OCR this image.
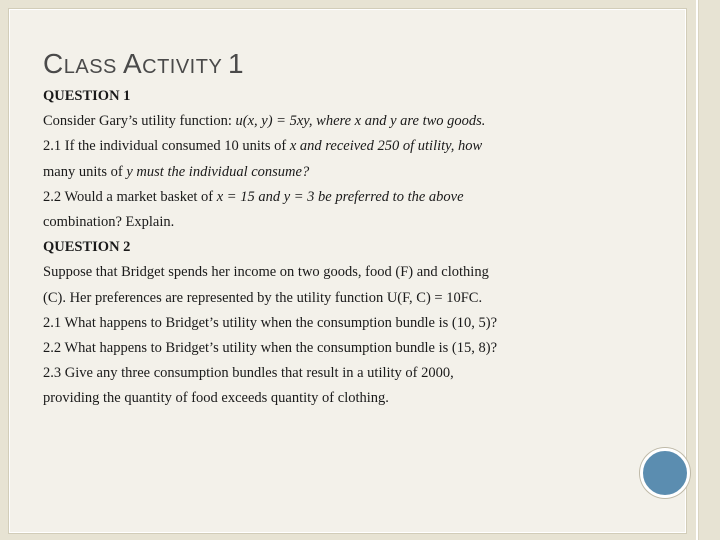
CLASS ACTIVITY 1
QUESTION 1
Consider Gary’s utility function: u(x, y) = 5xy, where x and y are two goods.
2.1 If the individual consumed 10 units of x and received 250 of utility, how
many units of y must the individual consume?
2.2 Would a market basket of x = 15 and y = 3 be preferred to the above
combination? Explain.
QUESTION 2
Suppose that Bridget spends her income on two goods, food (F) and clothing
(C). Her preferences are represented by the utility function U(F, C) = 10FC.
2.1 What happens to Bridget’s utility when the consumption bundle is (10, 5)?
2.2 What happens to Bridget’s utility when the consumption bundle is (15, 8)?
2.3 Give any three consumption bundles that result in a utility of 2000,
providing the quantity of food exceeds quantity of clothing.
